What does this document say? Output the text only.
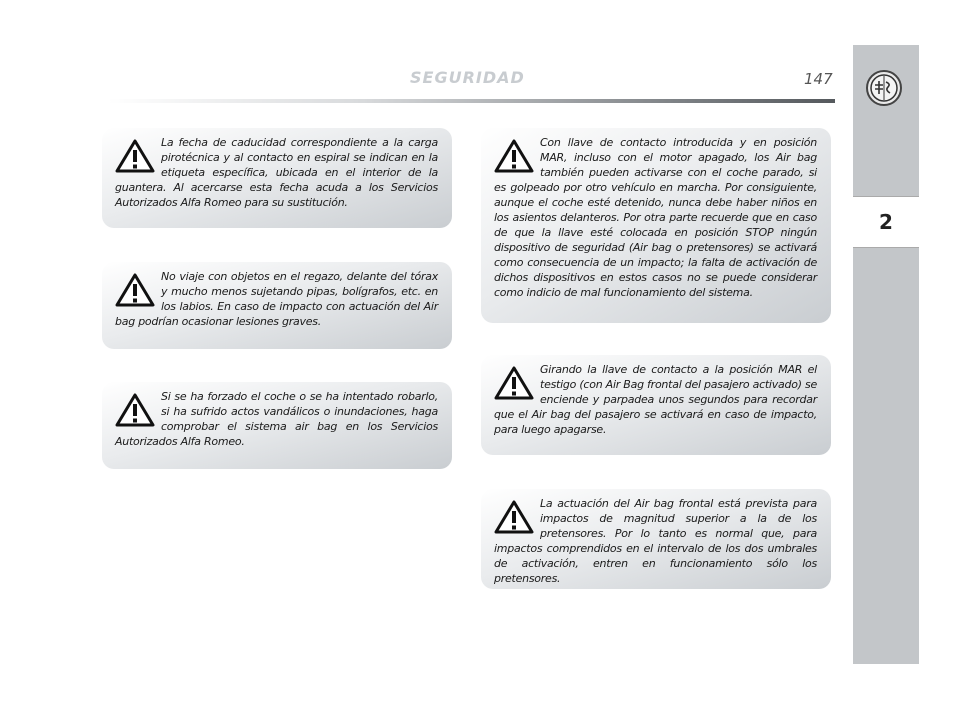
SEGURIDAD	147
2
La fecha de caducidad correspondiente a la carga pirotécnica y al contacto en espiral se indican en la etiqueta específica, ubicada en el interior de la guantera. Al acercarse esta fecha acuda a los Servicios Autorizados Alfa Romeo para su sustitución.
No viaje con objetos en el regazo, delante del tórax y mucho menos sujetando pipas, bolígrafos, etc. en los labios. En caso de impacto con actuación del Air bag podrían ocasionar lesiones graves.
Si se ha forzado el coche o se ha intentado robarlo, si ha sufrido actos vandálicos o inundaciones, haga comprobar el sistema air bag en los Servicios Autorizados Alfa Romeo.
Con llave de contacto introducida y en posición MAR, incluso con el motor apagado, los Air bag también pueden activarse con el coche parado, si es golpeado por otro vehículo en marcha. Por consiguiente, aunque el coche esté detenido, nunca debe haber niños en los asientos delanteros. Por otra parte recuerde que en caso de que la llave esté colocada en posición STOP ningún dispositivo de seguridad (Air bag o pretensores) se activará como consecuencia de un impacto; la falta de activación de dichos dispositivos en estos casos no se puede considerar como indicio de mal funcionamiento del sistema.
Girando la llave de contacto a la posición MAR el testigo (con Air Bag frontal del pasajero activado) se enciende y parpadea unos segundos para recordar que el Air bag del pasajero se activará en caso de impacto, para luego apagarse.
La actuación del Air bag frontal está prevista para impactos de magnitud superior a la de los pretensores. Por lo tanto es normal que, para impactos comprendidos en el intervalo de los dos umbrales de activación, entren en funcionamiento sólo los pretensores.
